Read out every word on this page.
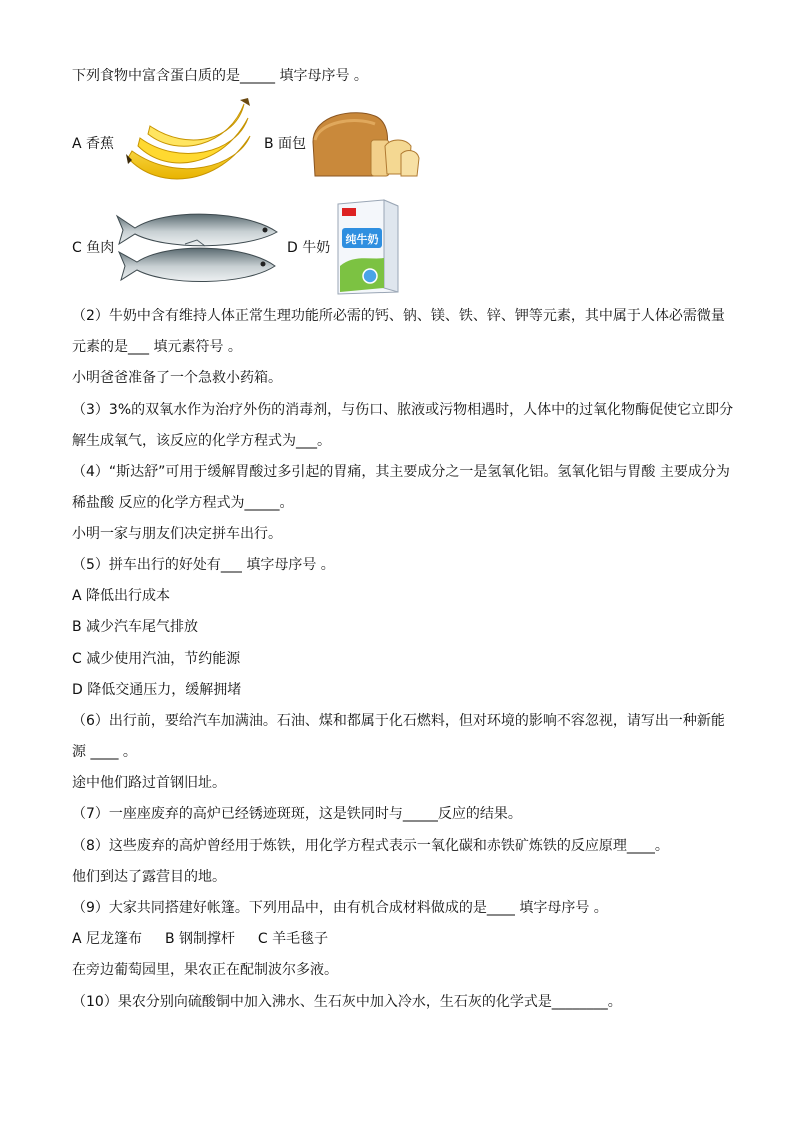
下列食物中富含蛋白质的是_____ 填字母序号 。
A 香蕉	B 面包
C 鱼肉	D 牛奶
纯牛奶
（2）牛奶中含有维持人体正常生理功能所必需的钙、钠、镁、铁、锌、钾等元素，其中属于人体必需微量
元素的是___ 填元素符号 。
小明爸爸准备了一个急救小药箱。
（3）3%的双氧水作为治疗外伤的消毒剂，与伤口、脓液或污物相遇时，人体中的过氧化物酶促使它立即分
解生成氧气，该反应的化学方程式为___。
（4）“斯达舒”可用于缓解胃酸过多引起的胃痛，其主要成分之一是氢氧化铝。氢氧化铝与胃酸 主要成分为
稀盐酸 反应的化学方程式为_____。
小明一家与朋友们决定拼车出行。
（5）拼车出行的好处有___ 填字母序号 。
A 降低出行成本
B 减少汽车尾气排放
C 减少使用汽油，节约能源
D 降低交通压力，缓解拥堵
（6）出行前，要给汽车加满油。石油、煤和都属于化石燃料，但对环境的影响不容忽视，请写出一种新能
源 ____ 。
途中他们路过首钢旧址。
（7）一座座废弃的高炉已经锈迹斑斑，这是铁同时与_____反应的结果。
（8）这些废弃的高炉曾经用于炼铁，用化学方程式表示一氧化碳和赤铁矿炼铁的反应原理____。
他们到达了露营目的地。
（9）大家共同搭建好帐篷。下列用品中，由有机合成材料做成的是____ 填字母序号 。
A 尼龙篷布 B 钢制撑杆 C 羊毛毯子
在旁边葡萄园里，果农正在配制波尔多液。
（10）果农分别向硫酸铜中加入沸水、生石灰中加入冷水，生石灰的化学式是________。
